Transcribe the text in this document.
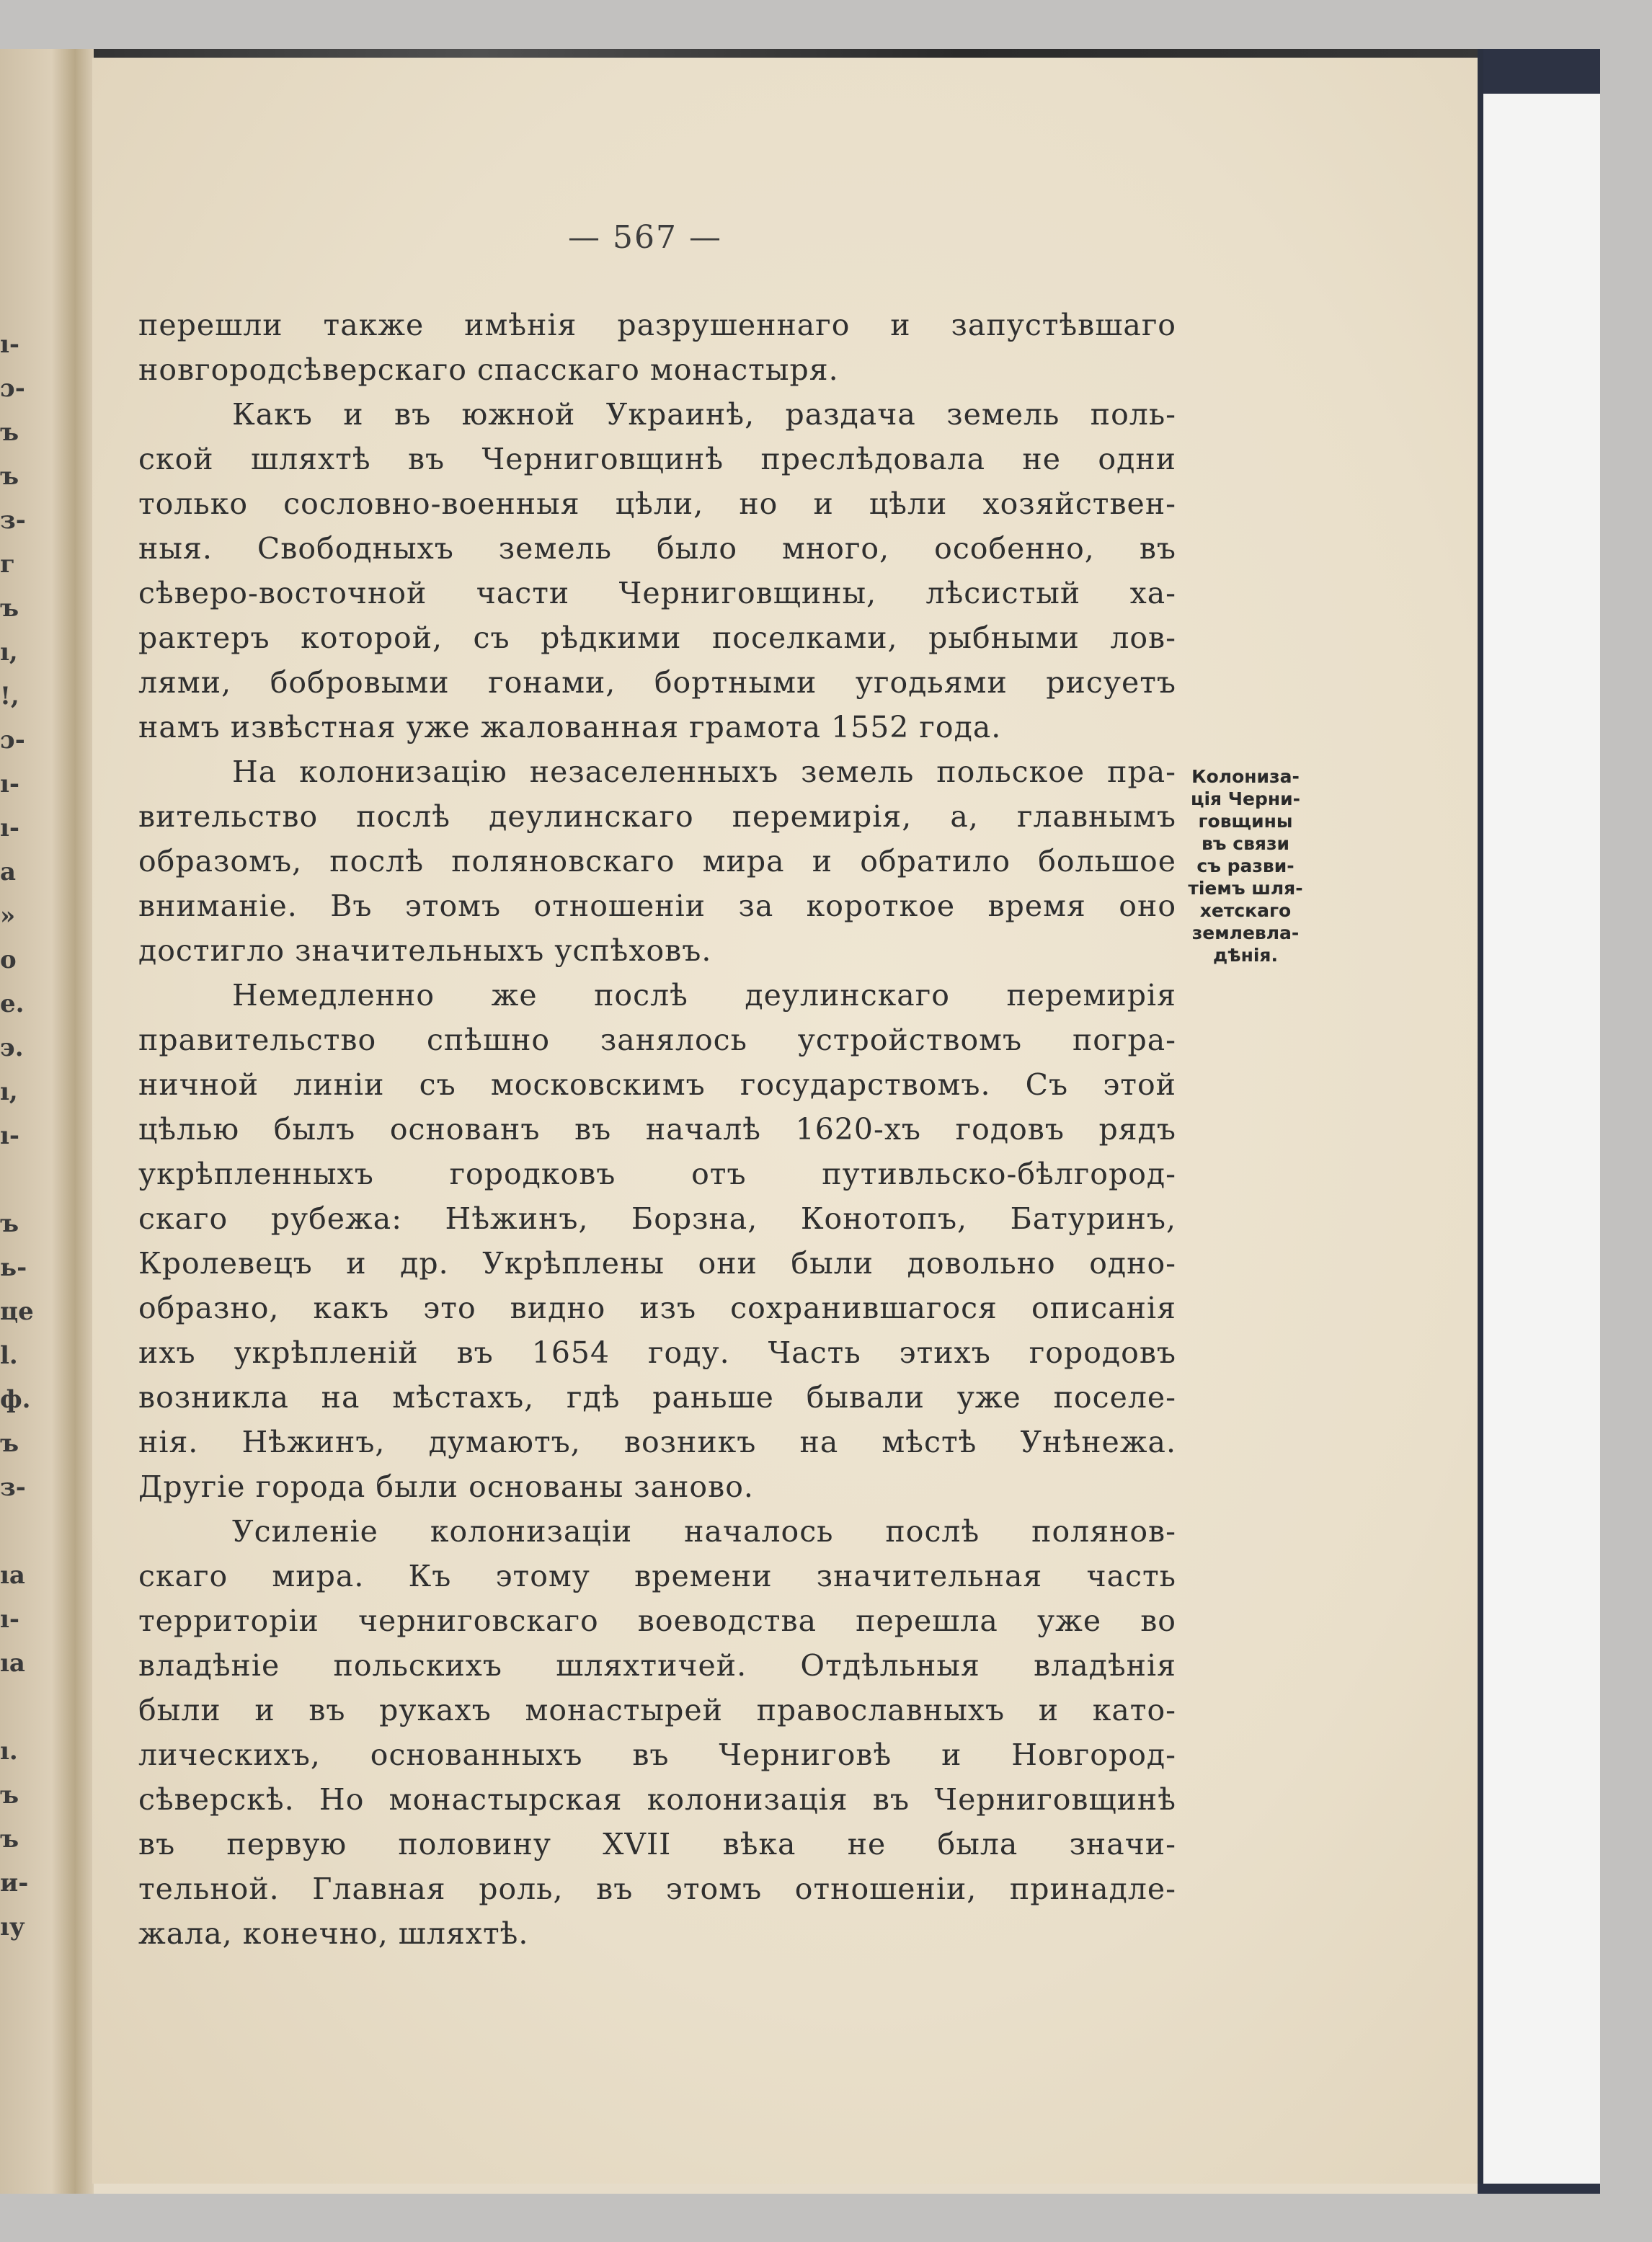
ı-
ɔ-
ъ
ъ
з-
г
ъ
ı,
!,
ɔ-
ı-
ı-
а
»
о
е.
э.
ı,
ı-
ъ
ь-
це
l.
ф.
ъ
з-
ıа
ı-
ıа
ı.
ъ
ъ
и-
ıу
— 567 —
перешли также имѣнія разрушеннаго и запустѣвшаго
новгородсѣверскаго спасскаго монастыря.
Какъ и въ южной Украинѣ, раздача земель поль-
ской шляхтѣ въ Черниговщинѣ преслѣдовала не одни
только сословно-военныя цѣли, но и цѣли хозяйствен-
ныя. Свободныхъ земель было много, особенно, въ
сѣверо-восточной части Черниговщины, лѣсистый ха-
рактеръ которой, съ рѣдкими поселками, рыбными лов-
лями, бобровыми гонами, бортными угодьями рисуетъ
намъ извѣстная уже жалованная грамота 1552 года.
На колонизацію незаселенныхъ земель польское пра-
вительство послѣ деулинскаго перемирія, а, главнымъ
образомъ, послѣ поляновскаго мира и обратило большое
вниманіе. Въ этомъ отношеніи за короткое время оно
достигло значительныхъ успѣховъ.
Немедленно же послѣ деулинскаго перемирія
правительство спѣшно занялось устройствомъ погра-
ничной линіи съ московскимъ государствомъ. Съ этой
цѣлью былъ основанъ въ началѣ 1620-хъ годовъ рядъ
укрѣпленныхъ городковъ отъ путивльско-бѣлгород-
скаго рубежа: Нѣжинъ, Борзна, Конотопъ, Батуринъ,
Кролевецъ и др. Укрѣплены они были довольно одно-
образно, какъ это видно изъ сохранившагося описанія
ихъ укрѣпленій въ 1654 году. Часть этихъ городовъ
возникла на мѣстахъ, гдѣ раньше бывали уже поселе-
нія. Нѣжинъ, думаютъ, возникъ на мѣстѣ Унѣнежа.
Другіе города были основаны заново.
Усиленіе колонизаціи началось послѣ полянов-
скаго мира. Къ этому времени значительная часть
территоріи черниговскаго воеводства перешла уже во
владѣніе польскихъ шляхтичей. Отдѣльныя владѣнія
были и въ рукахъ монастырей православныхъ и като-
лическихъ, основанныхъ въ Черниговѣ и Новгород-
сѣверскѣ. Но монастырская колонизація въ Черниговщинѣ
въ первую половину XVII вѣка не была значи-
тельной. Главная роль, въ этомъ отношеніи, принадле-
жала, конечно, шляхтѣ.
Колониза-
ція Черни-
говщины
въ связи
съ разви-
тіемъ шля-
хетскаго
землевла-
дѣнія.
